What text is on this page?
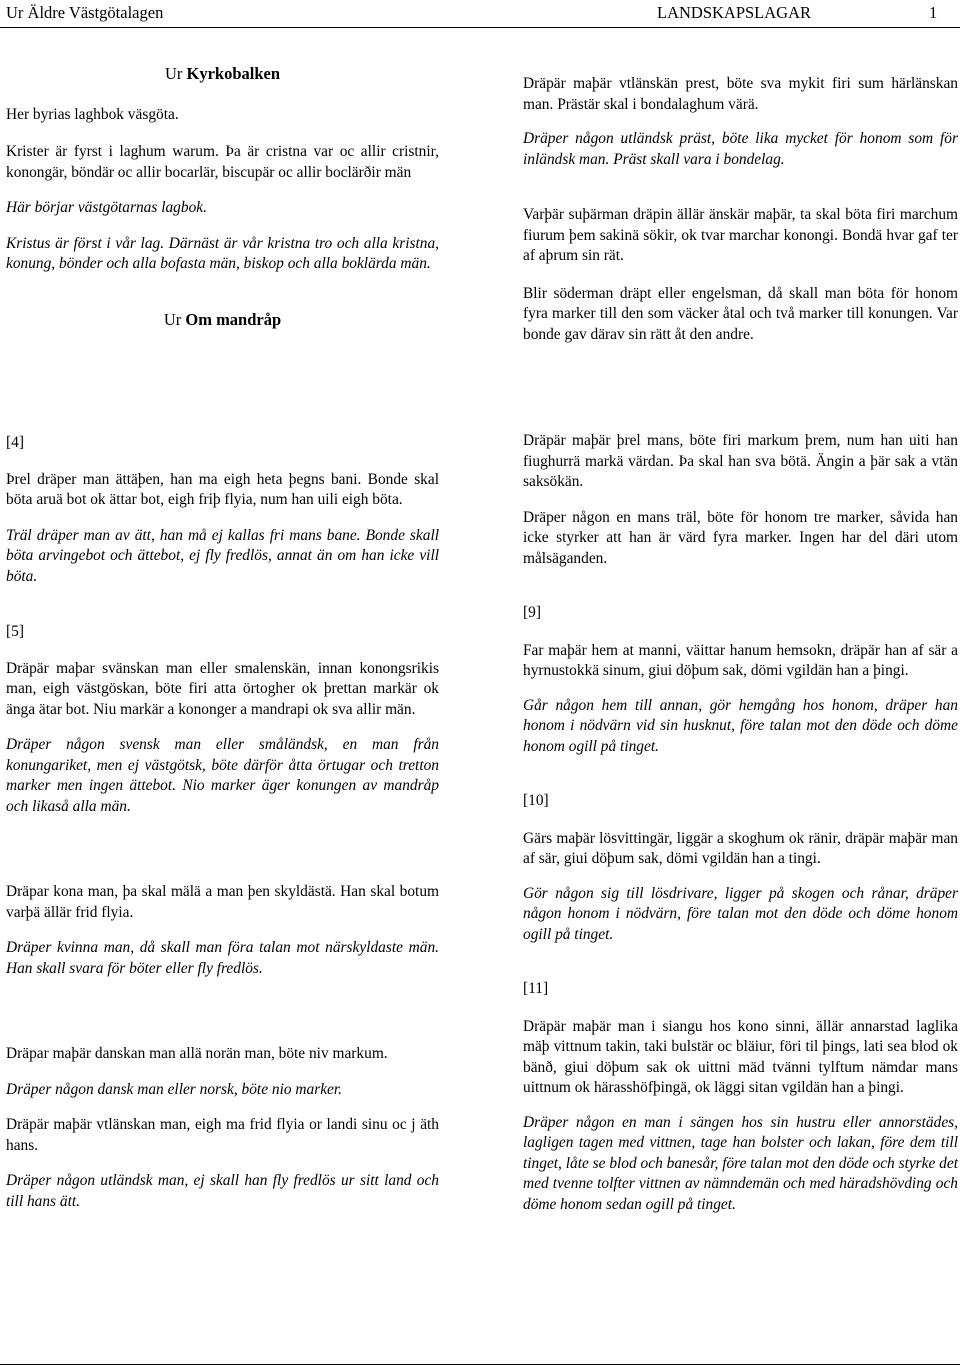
Ur Äldre Västgötalagen	LANDSKAPSLAGAR	1

Ur Kyrkobalken

Her byrias laghbok väsgöta.

Krister är fyrst i laghum warum. Þa är cristna var oc allir cristnir, konongär, böndär oc allir bocarlär, biscupär oc allir boclärðir män

Här börjar västgötarnas lagbok.

Kristus är först i vår lag. Därnäst är vår kristna tro och alla kristna, konung, bönder och alla bofasta män, biskop och alla boklärda män.

Ur Om mandråp

Dräpär maþär vtlänskän prest, böte sva mykit firi sum härlänskan man. Prästär skal i bondalaghum värä.

Dräper någon utländsk präst, böte lika mycket för honom som för inländsk man. Präst skall vara i bondelag.

Varþär suþärman dräpin ällär änskär maþär, ta skal böta firi marchum fiurum þem sakinä sökir, ok tvar marchar konongi. Bondä hvar gaf ter af aþrum sin rät.

Blir söderman dräpt eller engelsman, då skall man böta för honom fyra marker till den som väcker åtal och två marker till konungen. Var bonde gav därav sin rätt åt den andre.

[4]

Þrel dräper man ättäþen, han ma eigh heta þegns bani. Bonde skal böta aruä bot ok ättar bot, eigh friþ flyia, num han uili eigh böta.

Träl dräper man av ätt, han må ej kallas fri mans bane. Bonde skall böta arvingebot och ättebot, ej fly fredlös, annat än om han icke vill böta.

[5]

Dräpär maþar svänskan man eller smalenskän, innan konongsrikis man, eigh västgöskan, böte firi atta örtogher ok þrettan markär ok änga ätar bot. Niu markär a kononger a mandrapi ok sva allir män.

Dräper någon svensk man eller småländsk, en man från konungariket, men ej västgötsk, böte därför åtta örtugar och tretton marker men ingen ättebot. Nio marker äger konungen av mandråp och likaså alla män.

Dräpar kona man, þa skal mälä a man þen skyldästä. Han skal botum varþä ällär frid flyia.

Dräper kvinna man, då skall man föra talan mot närskyldaste män. Han skall svara för böter eller fly fredlös.

Dräpar maþär danskan man allä norän man, böte niv markum.

Dräper någon dansk man eller norsk, böte nio marker.

Dräpär maþär vtlänskan man, eigh ma frid flyia or landi sinu oc j äth hans.

Dräper någon utländsk man, ej skall han fly fredlös ur sitt land och till hans ätt.

Dräpär maþär þrel mans, böte firi markum þrem, num han uiti han fiughurrä markä värdan. Þa skal han sva bötä. Ängin a þär sak a vtän saksökän.

Dräper någon en mans träl, böte för honom tre marker, såvida han icke styrker att han är värd fyra marker. Ingen har del däri utom målsäganden.

[9]

Far maþär hem at manni, väittar hanum hemsokn, dräpär han af sär a hyrnustokkä sinum, giui döþum sak, dömi vgildän han a þingi.

Går någon hem till annan, gör hemgång hos honom, dräper han honom i nödvärn vid sin husknut, före talan mot den döde och döme honom ogill på tinget.

[10]

Gärs maþär lösvittingär, liggär a skoghum ok ränir, dräpär maþär man af sär, giui döþum sak, dömi vgildän han a tingi.

Gör någon sig till lösdrivare, ligger på skogen och rånar, dräper någon honom i nödvärn, före talan mot den döde och döme honom ogill på tinget.

[11]

Dräpär maþär man i siangu hos kono sinni, ällär annarstad laglika mäþ vittnum takin, taki bulstär oc bläiur, föri til þings, lati sea blod ok bänð, giui döþum sak ok uittni mäd tvänni tylftum nämdar mans uittnum ok härasshöfþingä, ok läggi sitan vgildän han a þingi.

Dräper någon en man i sängen hos sin hustru eller annorstädes, lagligen tagen med vittnen, tage han bolster och lakan, före dem till tinget, låte se blod och banesår, före talan mot den döde och styrke det med tvenne tolfter vittnen av nämndemän och med häradshövding och döme honom sedan ogill på tinget.
